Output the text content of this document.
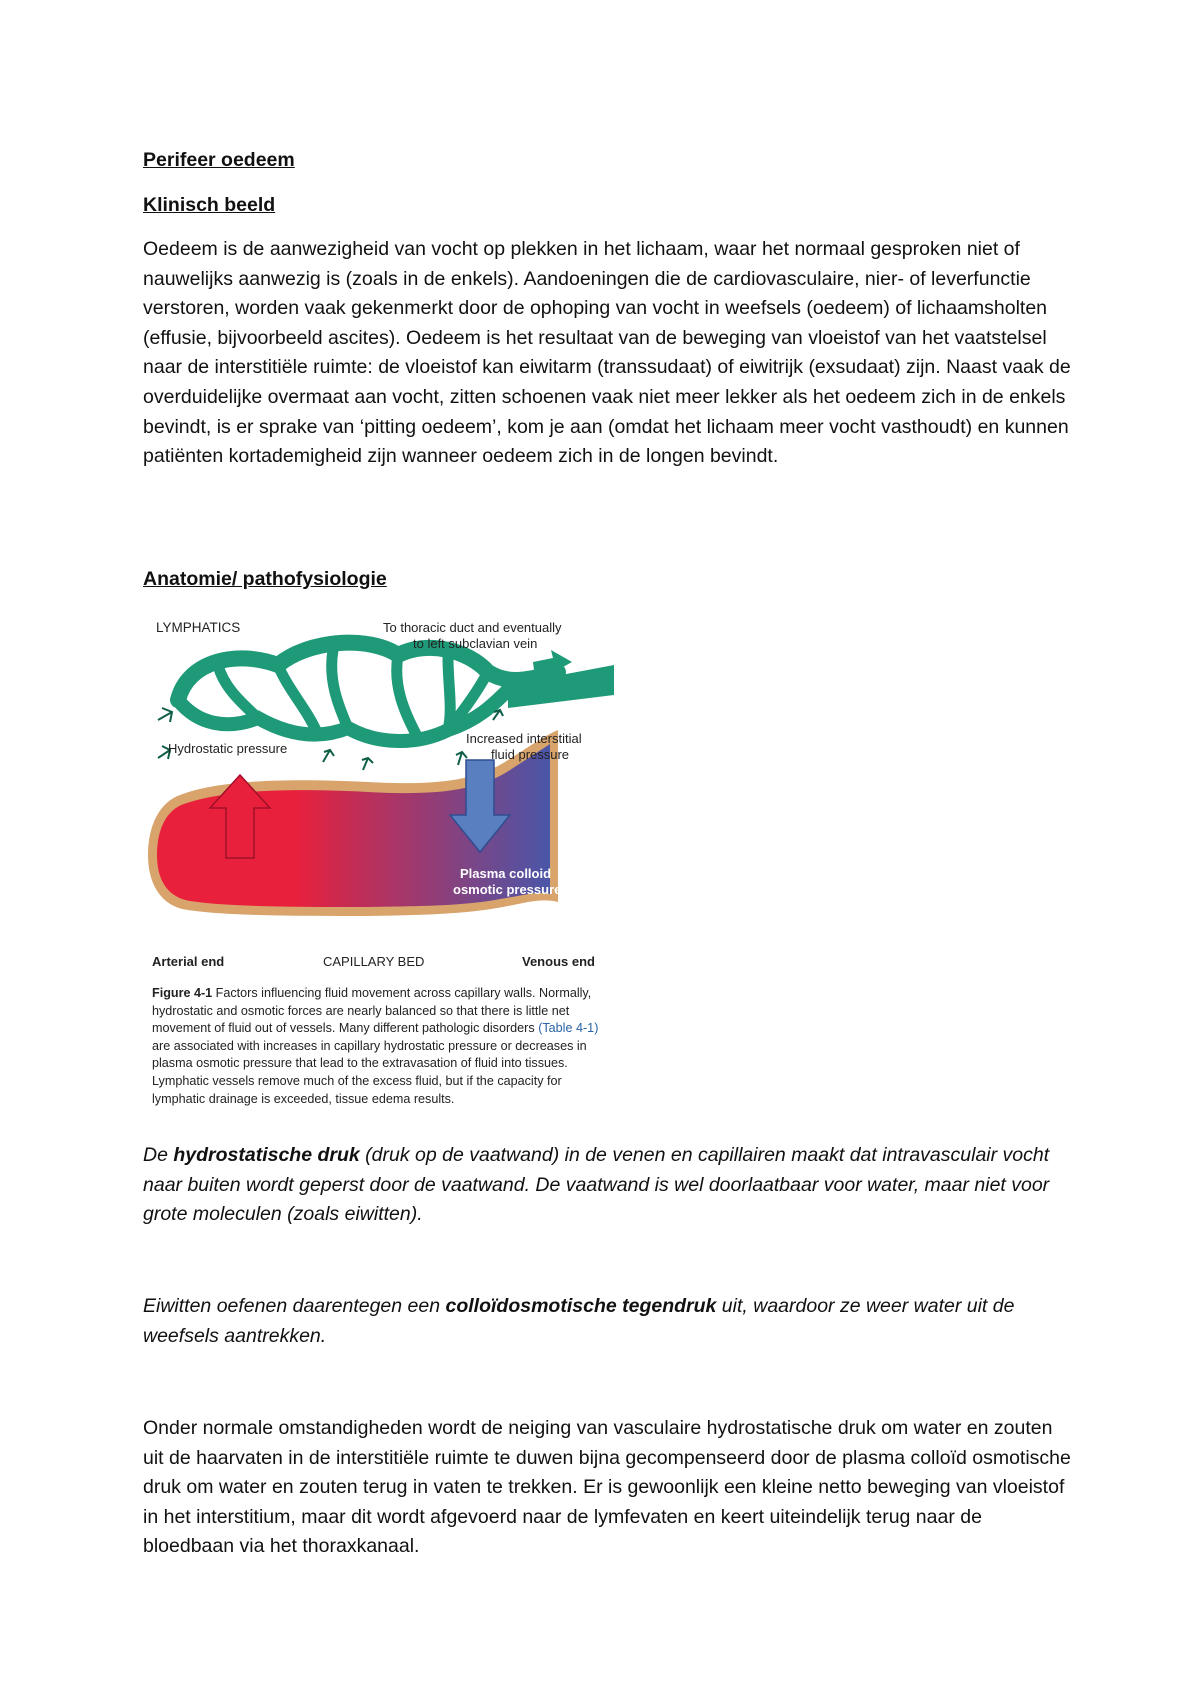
Perifeer oedeem
Klinisch beeld
Oedeem is de aanwezigheid van vocht op plekken in het lichaam, waar het normaal gesproken niet of nauwelijks aanwezig is (zoals in de enkels). Aandoeningen die de cardiovasculaire, nier- of leverfunctie verstoren, worden vaak gekenmerkt door de ophoping van vocht in weefsels (oedeem) of lichaamsholten (effusie, bijvoorbeeld ascites). Oedeem is het resultaat van de beweging van vloeistof van het vaatstelsel naar de interstitiële ruimte: de vloeistof kan eiwitarm (transsudaat) of eiwitrijk (exsudaat) zijn. Naast vaak de overduidelijke overmaat aan vocht, zitten schoenen vaak niet meer lekker als het oedeem zich in de enkels bevindt, is er sprake van ‘pitting oedeem’, kom je aan (omdat het lichaam meer vocht vasthoudt) en kunnen patiënten kortademigheid zijn wanneer oedeem zich in de longen bevindt.
Anatomie/ pathofysiologie
LYMPHATICS	To thoracic duct and eventually
to left subclavian vein
Hydrostatic pressure
Increased interstitial
fluid pressure
Plasma colloid
osmotic pressure
Arterial end	CAPILLARY BED	Venous end
Figure 4-1 Factors influencing fluid movement across capillary walls. Normally, hydrostatic and osmotic forces are nearly balanced so that there is little net movement of fluid out of vessels. Many different pathologic disorders (Table 4-1) are associated with increases in capillary hydrostatic pressure or decreases in plasma osmotic pressure that lead to the extravasation of fluid into tissues. Lymphatic vessels remove much of the excess fluid, but if the capacity for lymphatic drainage is exceeded, tissue edema results.
De hydrostatische druk (druk op de vaatwand) in de venen en capillairen maakt dat intravasculair vocht naar buiten wordt geperst door de vaatwand. De vaatwand is wel doorlaatbaar voor water, maar niet voor grote moleculen (zoals eiwitten).
Eiwitten oefenen daarentegen een colloïdosmotische tegendruk uit, waardoor ze weer water uit de weefsels aantrekken.
Onder normale omstandigheden wordt de neiging van vasculaire hydrostatische druk om water en zouten uit de haarvaten in de interstitiële ruimte te duwen bijna gecompenseerd door de plasma colloïd osmotische druk om water en zouten terug in vaten te trekken. Er is gewoonlijk een kleine netto beweging van vloeistof in het interstitium, maar dit wordt afgevoerd naar de lymfevaten en keert uiteindelijk terug naar de bloedbaan via het thoraxkanaal.
